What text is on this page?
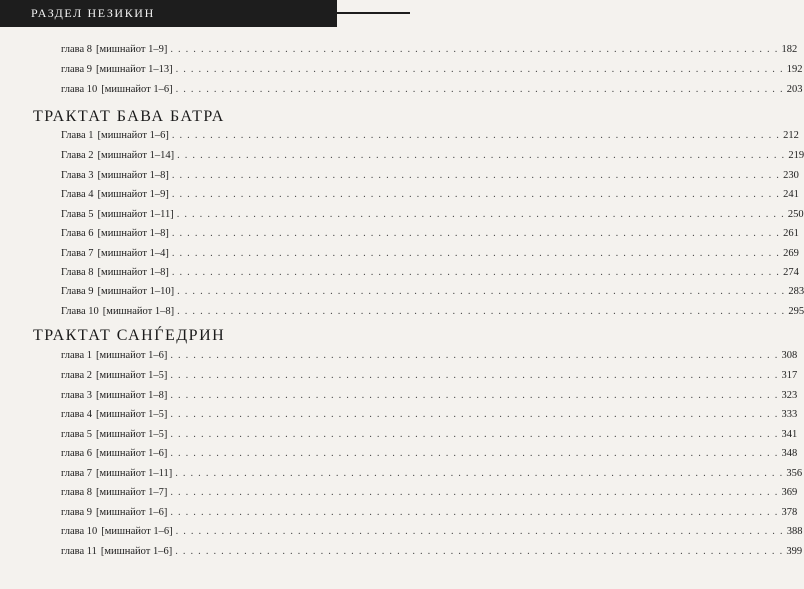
РАЗДЕЛ НЕЗИКИН
глава 8 [мишнайот 1–9] . . . . . . . . . . . . . . . . . . . . . . . . . . . . . . . . . . . . . . . . . . . . . . . . . . . . . . . . . . . . . . . . . . . . . . . . . . . . . . . . 182
глава 9 [мишнайот 1–13] . . . . . . . . . . . . . . . . . . . . . . . . . . . . . . . . . . . . . . . . . . . . . . . . . . . . . . . . . . . . . . . . . . . . . . . . . . . . . . . . 192
глава 10 [мишнайот 1–6] . . . . . . . . . . . . . . . . . . . . . . . . . . . . . . . . . . . . . . . . . . . . . . . . . . . . . . . . . . . . . . . . . . . . . . . . . . . . . . . . 203
ТРАКТАТ БАВА БАТРА
Глава 1 [мишнайот 1–6] . . . . . . . . . . . . . . . . . . . . . . . . . . . . . . . . . . . . . . . . . . . . . . . . . . . . . . . . . . . . . . . . . . . . . . . . . . . . . . . . 212
Глава 2 [мишнайот 1–14] . . . . . . . . . . . . . . . . . . . . . . . . . . . . . . . . . . . . . . . . . . . . . . . . . . . . . . . . . . . . . . . . . . . . . . . . . . . . . . . . 219
Глава 3 [мишнайот 1–8] . . . . . . . . . . . . . . . . . . . . . . . . . . . . . . . . . . . . . . . . . . . . . . . . . . . . . . . . . . . . . . . . . . . . . . . . . . . . . . . . 230
Глава 4 [мишнайот 1–9] . . . . . . . . . . . . . . . . . . . . . . . . . . . . . . . . . . . . . . . . . . . . . . . . . . . . . . . . . . . . . . . . . . . . . . . . . . . . . . . . 241
Глава 5 [мишнайот 1–11] . . . . . . . . . . . . . . . . . . . . . . . . . . . . . . . . . . . . . . . . . . . . . . . . . . . . . . . . . . . . . . . . . . . . . . . . . . . . . . . . 250
Глава 6 [мишнайот 1–8] . . . . . . . . . . . . . . . . . . . . . . . . . . . . . . . . . . . . . . . . . . . . . . . . . . . . . . . . . . . . . . . . . . . . . . . . . . . . . . . . 261
Глава 7 [мишнайот 1–4] . . . . . . . . . . . . . . . . . . . . . . . . . . . . . . . . . . . . . . . . . . . . . . . . . . . . . . . . . . . . . . . . . . . . . . . . . . . . . . . . 269
Глава 8 [мишнайот 1–8] . . . . . . . . . . . . . . . . . . . . . . . . . . . . . . . . . . . . . . . . . . . . . . . . . . . . . . . . . . . . . . . . . . . . . . . . . . . . . . . . 274
Глава 9 [мишнайот 1–10] . . . . . . . . . . . . . . . . . . . . . . . . . . . . . . . . . . . . . . . . . . . . . . . . . . . . . . . . . . . . . . . . . . . . . . . . . . . . . . . . 283
Глава 10 [мишнайот 1–8] . . . . . . . . . . . . . . . . . . . . . . . . . . . . . . . . . . . . . . . . . . . . . . . . . . . . . . . . . . . . . . . . . . . . . . . . . . . . . . . . 295
ТРАКТАТ САНЃЕДРИН
глава 1 [мишнайот 1–6] . . . . . . . . . . . . . . . . . . . . . . . . . . . . . . . . . . . . . . . . . . . . . . . . . . . . . . . . . . . . . . . . . . . . . . . . . . . . . . . . 308
глава 2 [мишнайот 1–5] . . . . . . . . . . . . . . . . . . . . . . . . . . . . . . . . . . . . . . . . . . . . . . . . . . . . . . . . . . . . . . . . . . . . . . . . . . . . . . . . 317
глава 3 [мишнайот 1–8] . . . . . . . . . . . . . . . . . . . . . . . . . . . . . . . . . . . . . . . . . . . . . . . . . . . . . . . . . . . . . . . . . . . . . . . . . . . . . . . . 323
глава 4 [мишнайот 1–5] . . . . . . . . . . . . . . . . . . . . . . . . . . . . . . . . . . . . . . . . . . . . . . . . . . . . . . . . . . . . . . . . . . . . . . . . . . . . . . . . 333
глава 5 [мишнайот 1–5] . . . . . . . . . . . . . . . . . . . . . . . . . . . . . . . . . . . . . . . . . . . . . . . . . . . . . . . . . . . . . . . . . . . . . . . . . . . . . . . . 341
глава 6 [мишнайот 1–6] . . . . . . . . . . . . . . . . . . . . . . . . . . . . . . . . . . . . . . . . . . . . . . . . . . . . . . . . . . . . . . . . . . . . . . . . . . . . . . . . 348
глава 7 [мишнайот 1–11] . . . . . . . . . . . . . . . . . . . . . . . . . . . . . . . . . . . . . . . . . . . . . . . . . . . . . . . . . . . . . . . . . . . . . . . . . . . . . . . . 356
глава 8 [мишнайот 1–7] . . . . . . . . . . . . . . . . . . . . . . . . . . . . . . . . . . . . . . . . . . . . . . . . . . . . . . . . . . . . . . . . . . . . . . . . . . . . . . . . 369
глава 9 [мишнайот 1–6] . . . . . . . . . . . . . . . . . . . . . . . . . . . . . . . . . . . . . . . . . . . . . . . . . . . . . . . . . . . . . . . . . . . . . . . . . . . . . . . . 378
глава 10 [мишнайот 1–6] . . . . . . . . . . . . . . . . . . . . . . . . . . . . . . . . . . . . . . . . . . . . . . . . . . . . . . . . . . . . . . . . . . . . . . . . . . . . . . . . 388
глава 11 [мишнайот 1–6] . . . . . . . . . . . . . . . . . . . . . . . . . . . . . . . . . . . . . . . . . . . . . . . . . . . . . . . . . . . . . . . . . . . . . . . . . . . . . . . . 399
